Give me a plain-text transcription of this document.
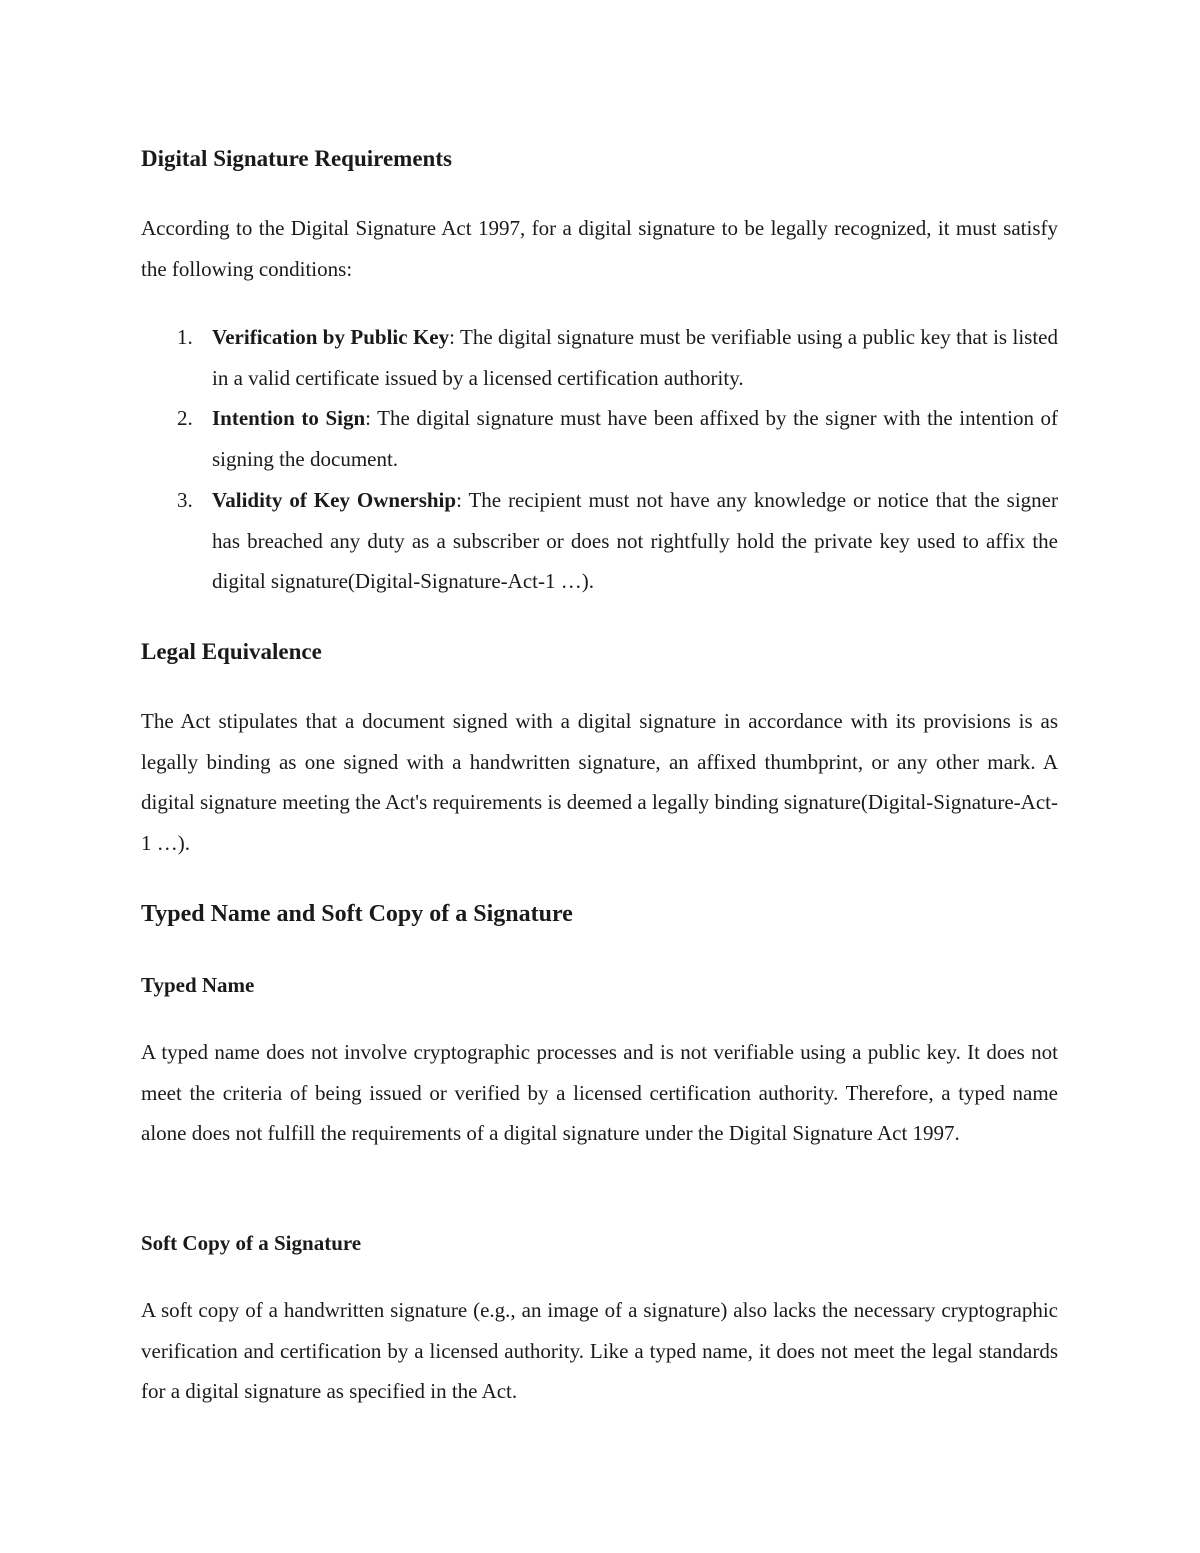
Digital Signature Requirements

According to the Digital Signature Act 1997, for a digital signature to be legally recognized, it must satisfy the following conditions:

1. Verification by Public Key: The digital signature must be verifiable using a public key that is listed in a valid certificate issued by a licensed certification authority.
2. Intention to Sign: The digital signature must have been affixed by the signer with the intention of signing the document.
3. Validity of Key Ownership: The recipient must not have any knowledge or notice that the signer has breached any duty as a subscriber or does not rightfully hold the private key used to affix the digital signature(Digital-Signature-Act-1 …).
Legal Equivalence

The Act stipulates that a document signed with a digital signature in accordance with its provisions is as legally binding as one signed with a handwritten signature, an affixed thumbprint, or any other mark. A digital signature meeting the Act's requirements is deemed a legally binding signature(Digital-Signature-Act-1 …).

Typed Name and Soft Copy of a Signature
Typed Name

A typed name does not involve cryptographic processes and is not verifiable using a public key. It does not meet the criteria of being issued or verified by a licensed certification authority. Therefore, a typed name alone does not fulfill the requirements of a digital signature under the Digital Signature Act 1997.

Soft Copy of a Signature

A soft copy of a handwritten signature (e.g., an image of a signature) also lacks the necessary cryptographic verification and certification by a licensed authority. Like a typed name, it does not meet the legal standards for a digital signature as specified in the Act.
